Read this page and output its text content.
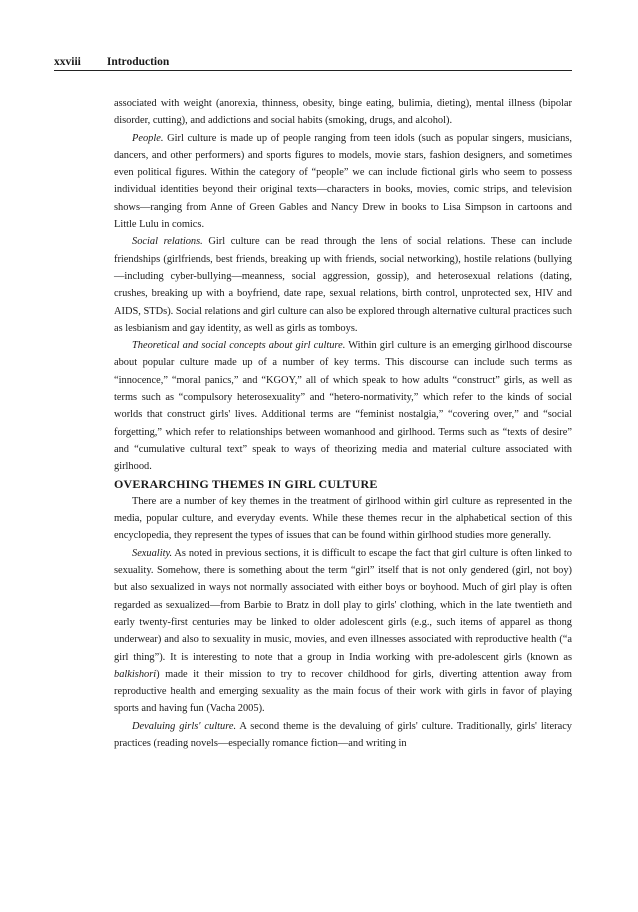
xxviii Introduction

associated with weight (anorexia, thinness, obesity, binge eating, bulimia, dieting), mental illness (bipolar disorder, cutting), and addictions and social habits (smoking, drugs, and alcohol).

People. Girl culture is made up of people ranging from teen idols (such as popular singers, musicians, dancers, and other performers) and sports figures to models, movie stars, fashion designers, and sometimes even political figures. Within the category of “people” we can include fictional girls who seem to possess individual identities beyond their original texts—characters in books, movies, comic strips, and television shows—ranging from Anne of Green Gables and Nancy Drew in books to Lisa Simpson in cartoons and Little Lulu in comics.

Social relations. Girl culture can be read through the lens of social relations. These can include friendships (girlfriends, best friends, breaking up with friends, social networking), hostile relations (bullying—including cyber-bullying—meanness, social aggression, gossip), and heterosexual relations (dating, crushes, breaking up with a boyfriend, date rape, sexual relations, birth control, unprotected sex, HIV and AIDS, STDs). Social relations and girl culture can also be explored through alternative cultural practices such as lesbianism and gay identity, as well as girls as tomboys.

Theoretical and social concepts about girl culture. Within girl culture is an emerging girlhood discourse about popular culture made up of a number of key terms. This discourse can include such terms as “innocence,” “moral panics,” and “KGOY,” all of which speak to how adults “construct” girls, as well as terms such as “compulsory heterosexuality” and “hetero-normativity,” which refer to the kinds of social worlds that construct girls' lives. Additional terms are “feminist nostalgia,” “covering over,” and “social forgetting,” which refer to relationships between womanhood and girlhood. Terms such as “texts of desire” and “cumulative cultural text” speak to ways of theorizing media and material culture associated with girlhood.

OVERARCHING THEMES IN GIRL CULTURE

There are a number of key themes in the treatment of girlhood within girl culture as represented in the media, popular culture, and everyday events. While these themes recur in the alphabetical section of this encyclopedia, they represent the types of issues that can be found within girlhood studies more generally.

Sexuality. As noted in previous sections, it is difficult to escape the fact that girl culture is often linked to sexuality. Somehow, there is something about the term “girl” itself that is not only gendered (girl, not boy) but also sexualized in ways not normally associated with either boys or boyhood. Much of girl play is often regarded as sexualized—from Barbie to Bratz in doll play to girls' clothing, which in the late twentieth and early twenty-first centuries may be linked to older adolescent girls (e.g., such items of apparel as thong underwear) and also to sexuality in music, movies, and even illnesses associated with reproductive health (“a girl thing”). It is interesting to note that a group in India working with pre-adolescent girls (known as balkishori) made it their mission to try to recover childhood for girls, diverting attention away from reproductive health and emerging sexuality as the main focus of their work with girls in favor of playing sports and having fun (Vacha 2005).

Devaluing girls' culture. A second theme is the devaluing of girls' culture. Traditionally, girls' literacy practices (reading novels—especially romance fiction—and writing in
